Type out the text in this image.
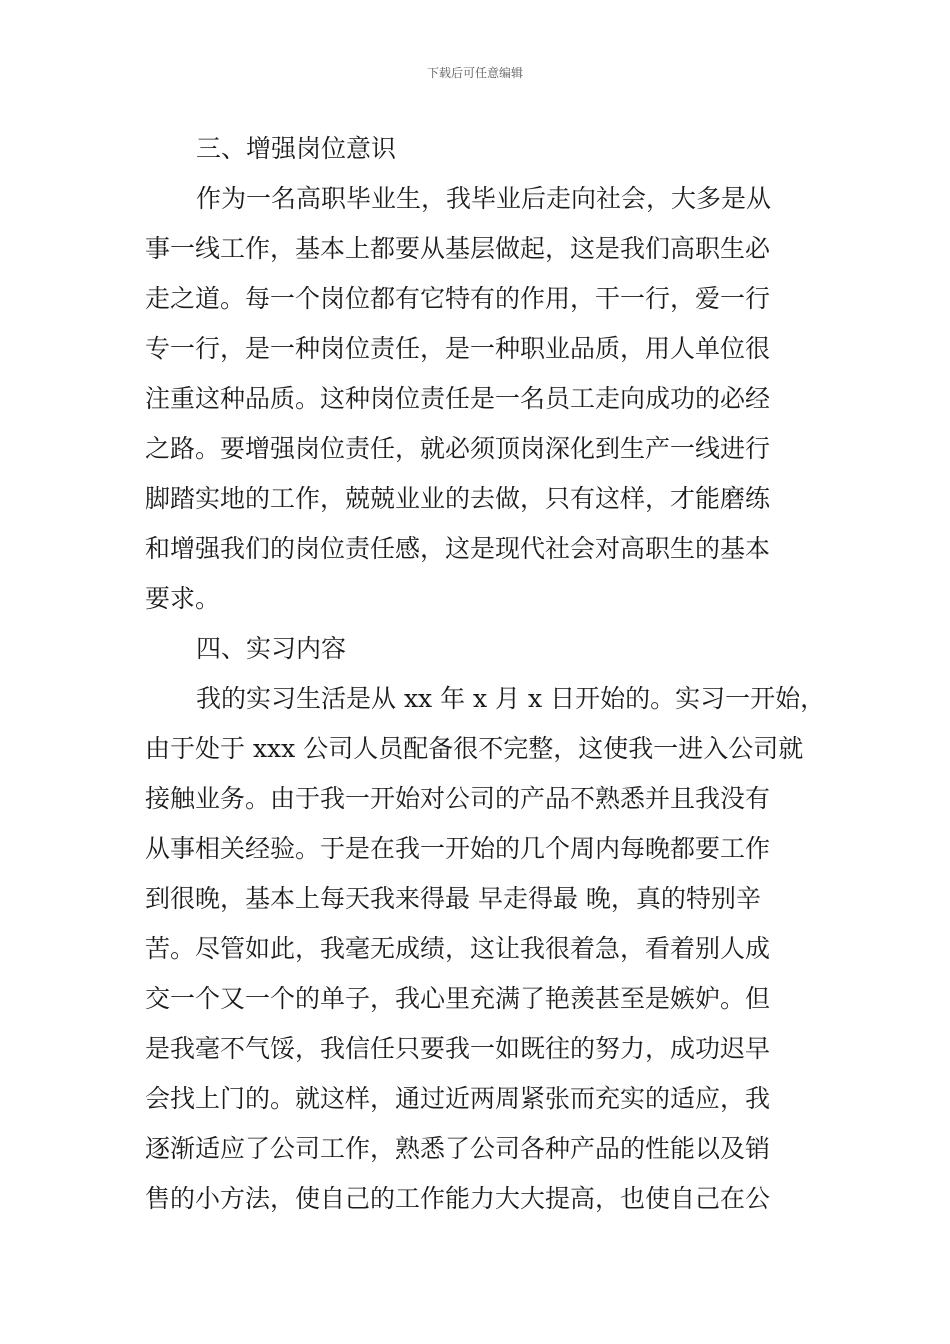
下载后可任意编辑
三、增强岗位意识
作为一名高职毕业生，我毕业后走向社会，大多是从
事一线工作，基本上都要从基层做起，这是我们高职生必
走之道。每一个岗位都有它特有的作用，干一行，爱一行
专一行，是一种岗位责任，是一种职业品质，用人单位很
注重这种品质。这种岗位责任是一名员工走向成功的必经
之路。要增强岗位责任，就必须顶岗深化到生产一线进行
脚踏实地的工作，兢兢业业的去做，只有这样，才能磨练
和增强我们的岗位责任感，这是现代社会对高职生的基本
要求。
四、实习内容
我的实习生活是从 xx 年 x 月 x 日开始的。实习一开始，
由于处于 xxx 公司人员配备很不完整，这使我一进入公司就
接触业务。由于我一开始对公司的产品不熟悉并且我没有
从事相关经验。于是在我一开始的几个周内每晚都要工作
到很晚，基本上每天我来得最 早走得最 晚，真的特别辛
苦。尽管如此，我毫无成绩，这让我很着急，看着别人成
交一个又一个的单子，我心里充满了艳羡甚至是嫉妒。但
是我毫不气馁，我信任只要我一如既往的努力，成功迟早
会找上门的。就这样，通过近两周紧张而充实的适应，我
逐渐适应了公司工作，熟悉了公司各种产品的性能以及销
售的小方法，使自己的工作能力大大提高，也使自己在公
